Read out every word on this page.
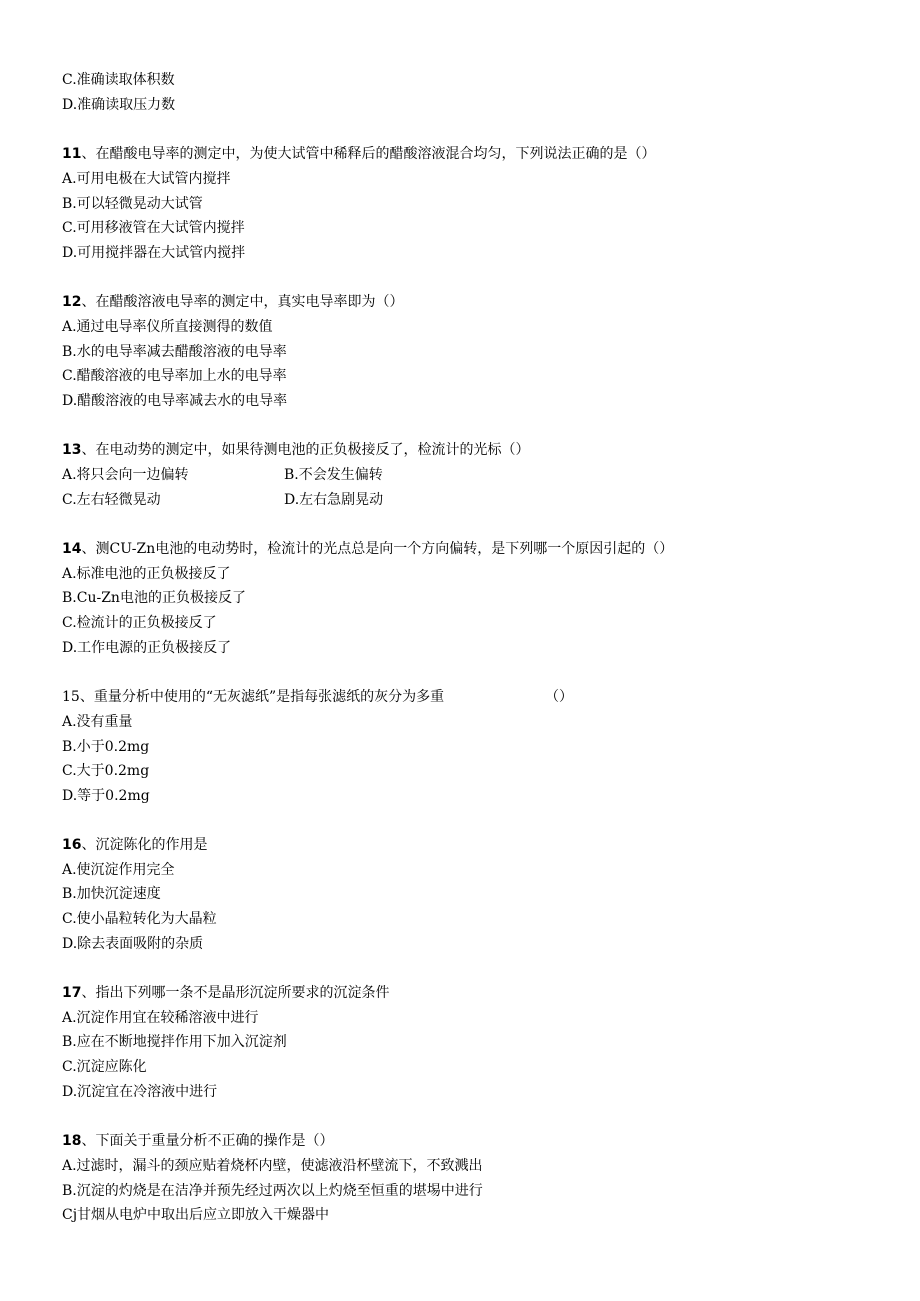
C.准确读取体积数
D.准确读取压力数
11、在醋酸电导率的测定中，为使大试管中稀释后的醋酸溶液混合均匀，下列说法正确的是（）
A.可用电极在大试管内搅拌
B.可以轻微晃动大试管
C.可用移液管在大试管内搅拌
D.可用搅拌器在大试管内搅拌
12、在醋酸溶液电导率的测定中，真实电导率即为（）
A.通过电导率仪所直接测得的数值
B.水的电导率减去醋酸溶液的电导率
C.醋酸溶液的电导率加上水的电导率
D.醋酸溶液的电导率减去水的电导率
13、在电动势的测定中，如果待测电池的正负极接反了，检流计的光标（）
A.将只会向一边偏转	B.不会发生偏转
C.左右轻微晃动	D.左右急剧晃动
14、测CU-Zn电池的电动势时，检流计的光点总是向一个方向偏转，是下列哪一个原因引起的（）
A.标准电池的正负极接反了
B.Cu-Zn电池的正负极接反了
C.检流计的正负极接反了
D.工作电源的正负极接反了
15、重量分析中使用的“无灰滤纸”是指每张滤纸的灰分为多重	（）
A.没有重量
B.小于0.2mg
C.大于0.2mg
D.等于0.2mg
16、沉淀陈化的作用是
A.使沉淀作用完全
B.加快沉淀速度
C.使小晶粒转化为大晶粒
D.除去表面吸附的杂质
17、指出下列哪一条不是晶形沉淀所要求的沉淀条件
A.沉淀作用宜在较稀溶液中进行
B.应在不断地搅拌作用下加入沉淀剂
C.沉淀应陈化
D.沉淀宜在冷溶液中进行
18、下面关于重量分析不正确的操作是（）
A.过滤时，漏斗的颈应贴着烧杯内壁，使滤液沿杯壁流下，不致溅出
B.沉淀的灼烧是在洁净并预先经过两次以上灼烧至恒重的堪埸中进行
Cj甘烟从电炉中取出后应立即放入干燥器中
